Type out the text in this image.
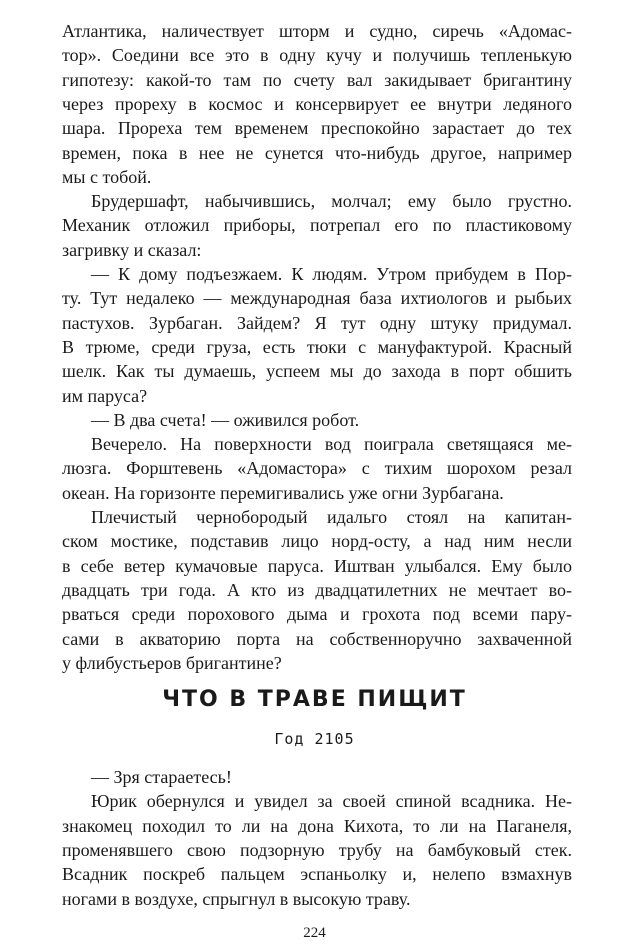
Атлантика, наличествует шторм и судно, сиречь «Адомас-
тор». Соедини все это в одну кучу и получишь тепленькую
гипотезу: какой-то там по счету вал закидывает бригантину
через прореху в космос и консервирует ее внутри ледяного
шара. Прореха тем временем преспокойно зарастает до тех
времен, пока в нее не сунется что-нибудь другое, например
мы с тобой.
Брудершафт, набычившись, молчал; ему было грустно.
Механик отложил приборы, потрепал его по пластиковому
загривку и сказал:
— К дому подъезжаем. К людям. Утром прибудем в Пор-
ту. Тут недалеко — международная база ихтиологов и рыбьих
пастухов. Зурбаган. Зайдем? Я тут одну штуку придумал.
В трюме, среди груза, есть тюки с мануфактурой. Красный
шелк. Как ты думаешь, успеем мы до захода в порт обшить
им паруса?
— В два счета! — оживился робот.
Вечерело. На поверхности вод поиграла светящаяся ме-
люзга. Форштевень «Адомастора» с тихим шорохом резал
океан. На горизонте перемигивались уже огни Зурбагана.
Плечистый чернобородый идальго стоял на капитан-
ском мостике, подставив лицо норд-осту, а над ним несли
в себе ветер кумачовые паруса. Иштван улыбался. Ему было
двадцать три года. А кто из двадцатилетних не мечтает во-
рваться среди порохового дыма и грохота под всеми пару-
сами в акваторию порта на собственноручно захваченной
у флибустьеров бригантине?
ЧТО В ТРАВЕ ПИЩИТ
Год 2105
— Зря стараетесь!
Юрик обернулся и увидел за своей спиной всадника. Не-
знакомец походил то ли на дона Кихота, то ли на Паганеля,
променявшего свою подзорную трубу на бамбуковый стек.
Всадник поскреб пальцем эспаньолку и, нелепо взмахнув
ногами в воздухе, спрыгнул в высокую траву.
224
